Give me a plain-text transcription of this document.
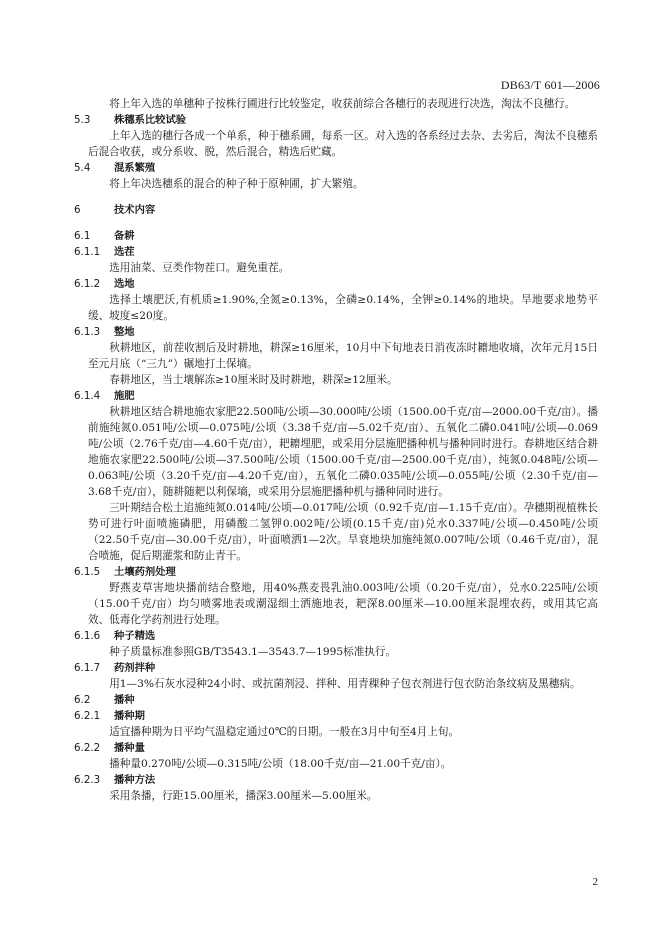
DB63/T 601—2006

将上年入选的单穗种子按株行圃进行比较鉴定，收获前综合各穗行的表现进行决选，淘汰不良穗行。

5.3 株穗系比较试验

上年入选的穗行各成一个单系，种于穗系圃，每系一区。对入选的各系经过去杂、去劣后，淘汰不良穗系后混合收获，或分系收、脱，然后混合，精选后贮藏。

5.4 混系繁殖

将上年决选穗系的混合的种子种于原种圃，扩大繁殖。

6	技术内容
6.1 备耕
6.1.1 选茬

选用油菜、豆类作物茬口。避免重茬。

6.1.2 选地

选择土壤肥沃,有机质≥1.90%,全氮≥0.13%，全磷≥0.14%，全钾≥0.14%的地块。旱地要求地势平缓、坡度≤20度。

6.1.3 整地

秋耕地区，前茬收割后及时耕地，耕深≥16厘米，10月中下旬地表日消夜冻时耱地收墒，次年元月15日至元月底（“三九”）碾地打土保墒。

春耕地区，当土壤解冻≥10厘米时及时耕地，耕深≥12厘米。

6.1.4 施肥

秋耕地区结合耕地施农家肥22.500吨/公顷—30.000吨/公顷（1500.00千克/亩—2000.00千克/亩）。播前施纯氮0.051吨/公顷—0.075吨/公顷（3.38千克/亩—5.02千克/亩）、五氧化二磷0.041吨/公顷—0.069吨/公顷（2.76千克/亩—4.60千克/亩），耙耱埋肥，或采用分层施肥播种机与播种同时进行。春耕地区结合耕地施农家肥22.500吨/公顷—37.500吨/公顷（1500.00千克/亩—2500.00千克/亩），纯氮0.048吨/公顷—0.063吨/公顷（3.20千克/亩—4.20千克/亩），五氧化二磷0.035吨/公顷—0.055吨/公顷（2.30千克/亩—3.68千克/亩），随耕随耙以利保墒，或采用分层施肥播种机与播种同时进行。

三叶期结合松土追施纯氮0.014吨/公顷—0.017吨/公顷（0.92千克/亩—1.15千克/亩）。孕穗期视植株长势可进行叶面喷施磷肥，用磷酸二氢钾0.002吨/公顷(0.15千克/亩)兑水0.337吨/公顷—0.450吨/公顷（22.50千克/亩—30.00千克/亩），叶面喷洒1—2次。旱衰地块加施纯氮0.007吨/公顷（0.46千克/亩），混合喷施，促后期灌浆和防止青干。

6.1.5 土壤药剂处理

野燕麦草害地块播前结合整地，用40%燕麦畏乳油0.003吨/公顷（0.20千克/亩），兑水0.225吨/公顷（15.00千克/亩）均匀喷雾地表或潮湿细土洒施地表，耙深8.00厘米—10.00厘米混埋农药，或用其它高效、低毒化学药剂进行处理。

6.1.6 种子精选

种子质量标准参照GB/T3543.1—3543.7—1995标准执行。

6.1.7 药剂拌种

用1—3%石灰水浸种24小时、或抗菌剂浸、拌种、用青稞种子包衣剂进行包衣防治条纹病及黑穗病。

6.2 播种
6.2.1 播种期

适宜播种期为日平均气温稳定通过0℃的日期。一般在3月中旬至4月上旬。

6.2.2 播种量

播种量0.270吨/公顷—0.315吨/公顷（18.00千克/亩—21.00千克/亩）。

6.2.3 播种方法

采用条播，行距15.00厘米，播深3.00厘米—5.00厘米。

2
